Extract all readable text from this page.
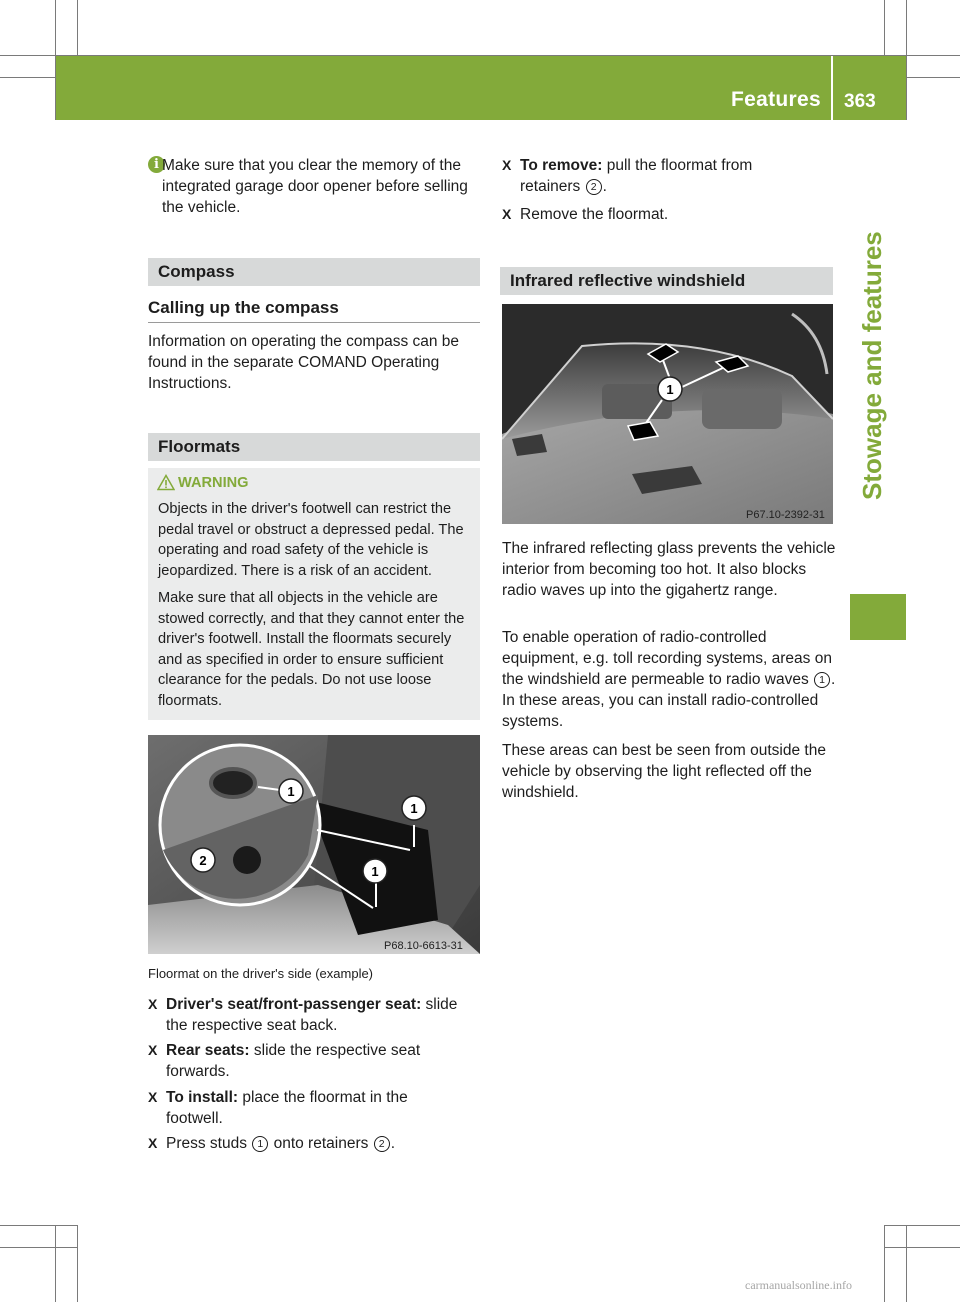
Features 363
Stowage and features
i Make sure that you clear the memory of the integrated garage door opener before selling the vehicle.
Compass
Calling up the compass
Information on operating the compass can be found in the separate COMAND Operating Instructions.
Floormats
WARNING
Objects in the driver's footwell can restrict the pedal travel or obstruct a depressed pedal. The operating and road safety of the vehicle is jeopardized. There is a risk of an accident.
Make sure that all objects in the vehicle are stowed correctly, and that they cannot enter the driver's footwell. Install the floormats securely and as specified in order to ensure sufficient clearance for the pedals. Do not use loose floormats.
1
1
1
2
P68.10-6613-31
Floormat on the driver's side (example)
X Driver's seat/front-passenger seat: slide the respective seat back.
X Rear seats: slide the respective seat forwards.
X To install: place the floormat in the footwell.
X Press studs 1 onto retainers 2 .
X To remove: pull the floormat from retainers 2 .
X Remove the floormat.
Infrared reflective windshield
1
P67.10-2392-31
The infrared reflecting glass prevents the vehicle interior from becoming too hot. It also blocks radio waves up into the gigahertz range.
To enable operation of radio-controlled equipment, e.g. toll recording systems, areas on the windshield are permeable to radio waves 1 . In these areas, you can install radio-controlled systems.
These areas can best be seen from outside the vehicle by observing the light reflected off the windshield.
carmanualsonline.info
